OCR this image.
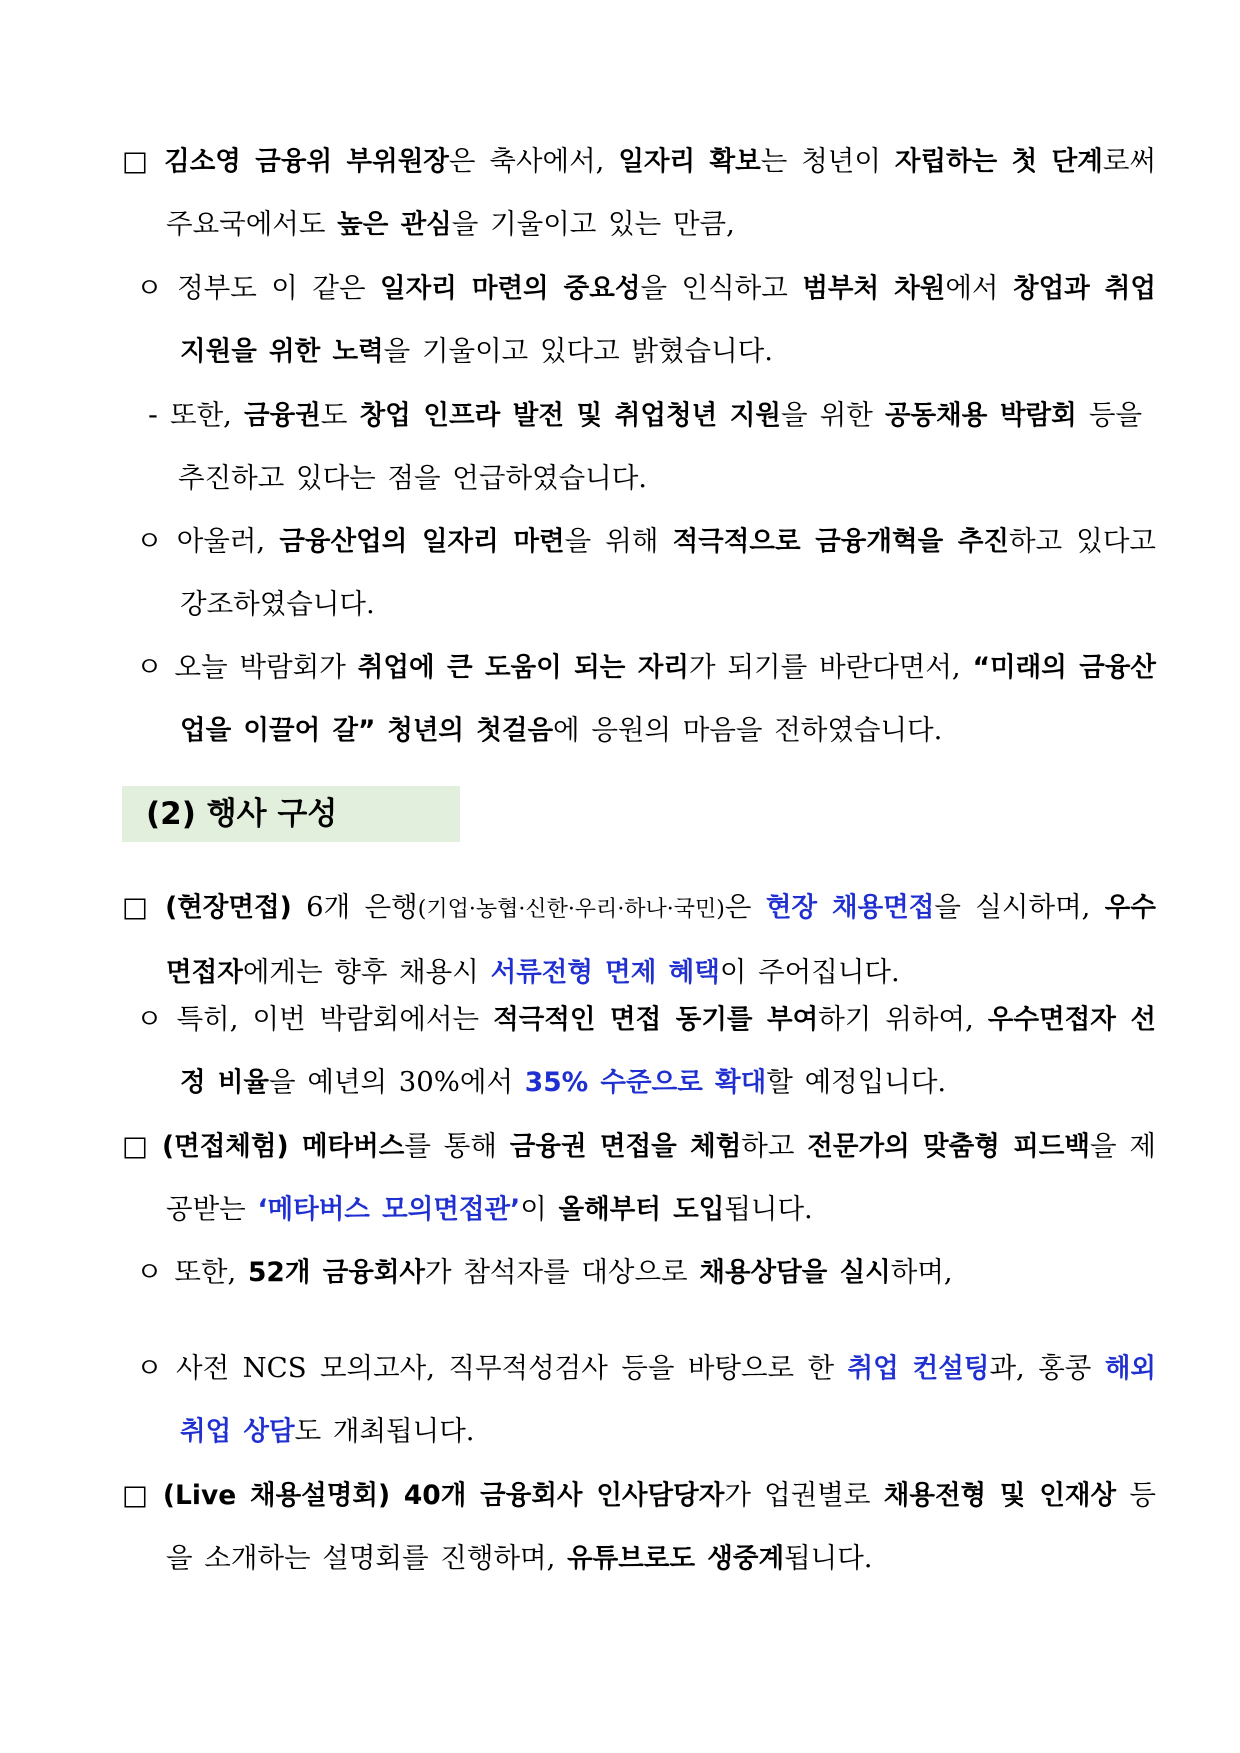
□ 김소영 금융위 부위원장은 축사에서, 일자리 확보는 청년이 자립하는 첫 단계로써 주요국에서도 높은 관심을 기울이고 있는 만큼,

ㅇ 정부도 이 같은 일자리 마련의 중요성을 인식하고 범부처 차원에서 창업과 취업 지원을 위한 노력을 기울이고 있다고 밝혔습니다.

- 또한, 금융권도 창업 인프라 발전 및 취업청년 지원을 위한 공동채용 박람회 등을 추진하고 있다는 점을 언급하였습니다.

ㅇ 아울러, 금융산업의 일자리 마련을 위해 적극적으로 금융개혁을 추진하고 있다고 강조하였습니다.

ㅇ 오늘 박람회가 취업에 큰 도움이 되는 자리가 되기를 바란다면서, “미래의 금융산업을 이끌어 갈” 청년의 첫걸음에 응원의 마음을 전하였습니다.

(2) 행사 구성

□ (현장면접) 6개 은행(기업·농협·신한·우리·하나·국민)은 현장 채용면접을 실시하며, 우수면접자에게는 향후 채용시 서류전형 면제 혜택이 주어집니다.

ㅇ 특히, 이번 박람회에서는 적극적인 면접 동기를 부여하기 위하여, 우수면접자 선정 비율을 예년의 30%에서 35% 수준으로 확대할 예정입니다.

□ (면접체험) 메타버스를 통해 금융권 면접을 체험하고 전문가의 맞춤형 피드백을 제공받는 ‘메타버스 모의면접관’이 올해부터 도입됩니다.

ㅇ 또한, 52개 금융회사가 참석자를 대상으로 채용상담을 실시하며,

ㅇ 사전 NCS 모의고사, 직무적성검사 등을 바탕으로 한 취업 컨설팅과, 홍콩 해외 취업 상담도 개최됩니다.

□ (Live 채용설명회) 40개 금융회사 인사담당자가 업권별로 채용전형 및 인재상 등을 소개하는 설명회를 진행하며, 유튜브로도 생중계됩니다.
